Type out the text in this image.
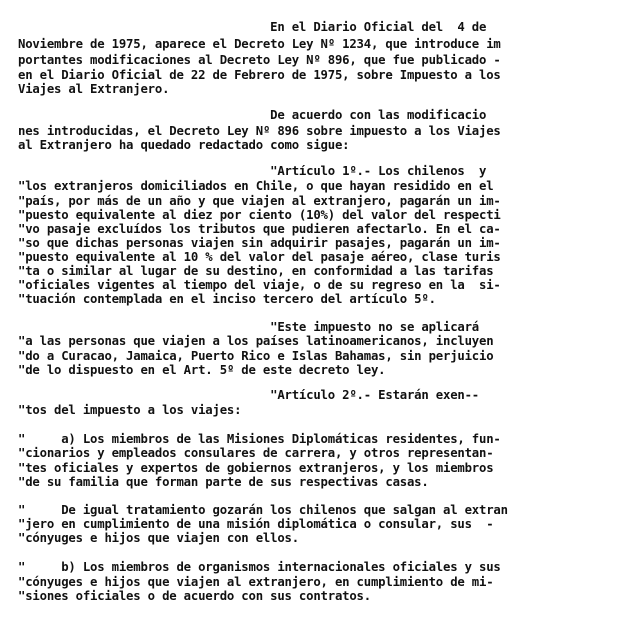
En el Diario Oficial del  4 de
Noviembre de 1975, aparece el Decreto Ley Nº 1234, que introduce im
portantes modificaciones al Decreto Ley Nº 896, que fue publicado -
en el Diario Oficial de 22 de Febrero de 1975, sobre Impuesto a los
Viajes al Extranjero.
De acuerdo con las modificacio
nes introducidas, el Decreto Ley Nº 896 sobre impuesto a los Viajes
al Extranjero ha quedado redactado como sigue:
"Artículo 1º.- Los chilenos  y
"los extranjeros domiciliados en Chile, o que hayan residido en el
"país, por más de un año y que viajen al extranjero, pagarán un im-
"puesto equivalente al diez por ciento (10%) del valor del respecti
"vo pasaje excluídos los tributos que pudieren afectarlo. En el ca-
"so que dichas personas viajen sin adquirir pasajes, pagarán un im-
"puesto equivalente al 10 % del valor del pasaje aéreo, clase turis
"ta o similar al lugar de su destino, en conformidad a las tarifas
"oficiales vigentes al tiempo del viaje, o de su regreso en la  si-
"tuación contemplada en el inciso tercero del artículo 5º.
"Este impuesto no se aplicará
"a las personas que viajen a los países latinoamericanos, incluyen
"do a Curacao, Jamaica, Puerto Rico e Islas Bahamas, sin perjuicio
"de lo dispuesto en el Art. 5º de este decreto ley.
"Artículo 2º.- Estarán exen--
"tos del impuesto a los viajes:
"     a) Los miembros de las Misiones Diplomáticas residentes, fun-
"cionarios y empleados consulares de carrera, y otros representan-
"tes oficiales y expertos de gobiernos extranjeros, y los miembros
"de su familia que forman parte de sus respectivas casas.
"     De igual tratamiento gozarán los chilenos que salgan al extran
"jero en cumplimiento de una misión diplomática o consular, sus  -
"cónyuges e hijos que viajen con ellos.
"     b) Los miembros de organismos internacionales oficiales y sus
"cónyuges e hijos que viajen al extranjero, en cumplimiento de mi-
"siones oficiales o de acuerdo con sus contratos.
